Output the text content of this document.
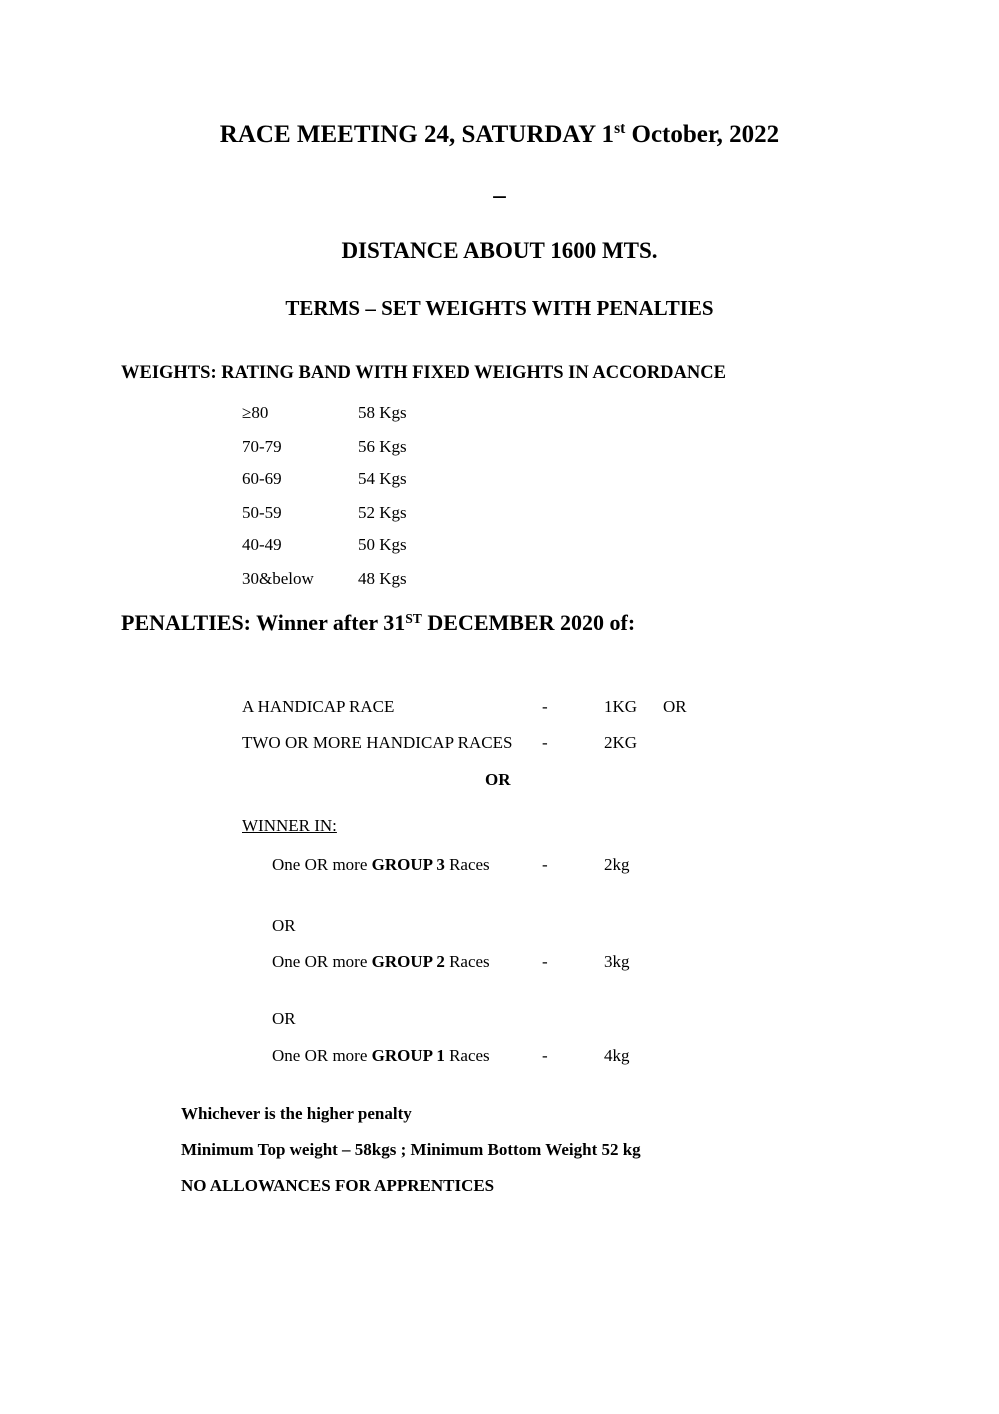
RACE MEETING 24, SATURDAY 1st October, 2022
–
DISTANCE ABOUT 1600 MTS.
TERMS – SET WEIGHTS WITH PENALTIES
WEIGHTS: RATING BAND WITH FIXED WEIGHTS IN ACCORDANCE
≥80	58 Kgs
70-79	56 Kgs
60-69	54 Kgs
50-59	52 Kgs
40-49	50 Kgs
30&below	48 Kgs
PENALTIES: Winner after 31ST DECEMBER 2020 of:
A HANDICAP RACE	-	1KG OR
TWO OR MORE HANDICAP RACES -	2KG
OR
WINNER IN:
One OR more GROUP 3 Races	-	2kg
OR
One OR more GROUP 2 Races	-	3kg
OR
One OR more GROUP 1 Races	-	4kg
Whichever is the higher penalty
Minimum Top weight – 58kgs ; Minimum Bottom Weight 52 kg
NO ALLOWANCES FOR APPRENTICES
